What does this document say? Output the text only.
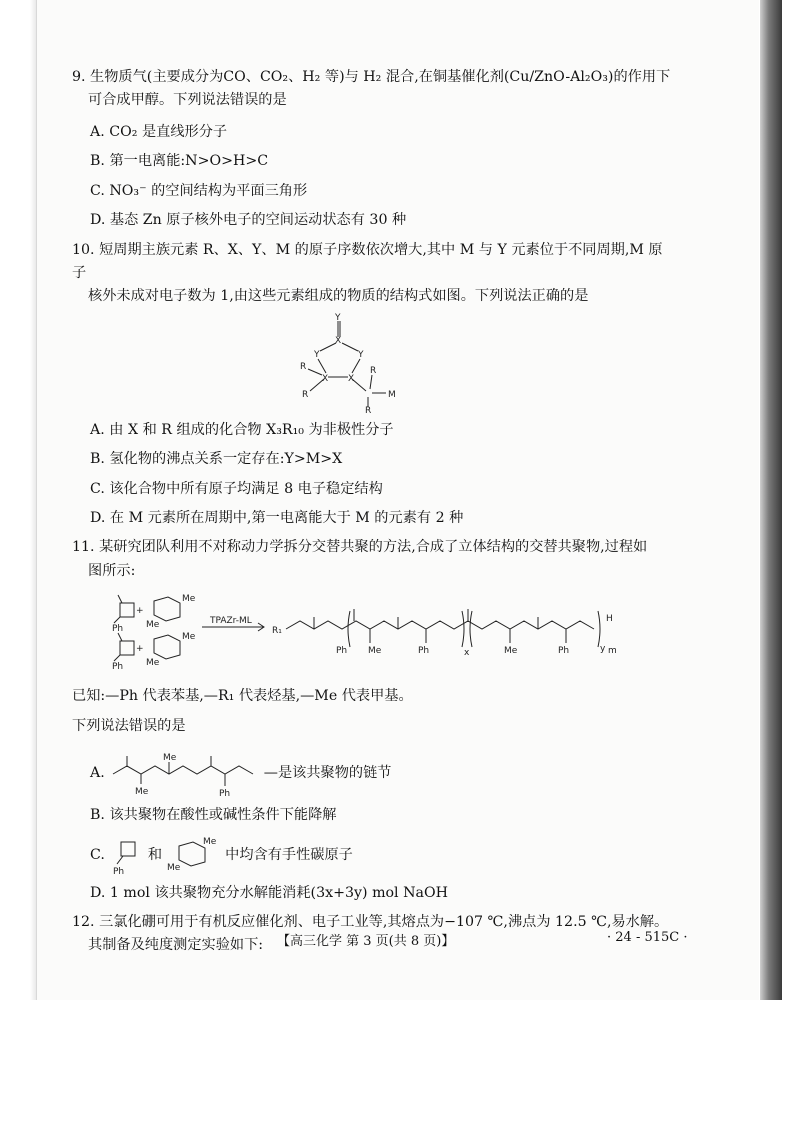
【高三化学 第 3 页(共 8 页)】	· 24 - 515C ·
9. 生物质气(主要成分为CO、CO₂、H₂ 等)与 H₂ 混合,在铜基催化剂(Cu/ZnO-Al₂O₃)的作用下
可合成甲醇。下列说法错误的是
A. CO₂ 是直线形分子
B. 第一电离能:N>O>H>C
C. NO₃⁻ 的空间结构为平面三角形
D. 基态 Zn 原子核外电子的空间运动状态有 30 种
10. 短周期主族元素 R、X、Y、M 的原子序数依次增大,其中 M 与 Y 元素位于不同周期,M 原子
核外未成对电子数为 1,由这些元素组成的物质的结构式如图。下列说法正确的是
Y
Y	Y
X
R
X X
R
R
M
R
A. 由 X 和 R 组成的化合物 X₃R₁₀ 为非极性分子
B. 氢化物的沸点关系一定存在:Y>M>X
C. 该化合物中所有原子均满足 8 电子稳定结构
D. 在 M 元素所在周期中,第一电离能大于 M 的元素有 2 种
11. 某研究团队利用不对称动力学拆分交替共聚的方法,合成了立体结构的交替共聚物,过程如
图所示:
+
+
Ph
Ph
Me
Me
Me
Me
TPAZr-ML
R₁
Ph Me	Ph	x	Me	Ph	y m
H
已知:—Ph 代表苯基,—R₁ 代表烃基,—Me 代表甲基。
下列说法错误的是
A.
Me
Me	Ph
—是该共聚物的链节
B. 该共聚物在酸性或碱性条件下能降解
C.
Ph
和
Me
Me
中均含有手性碳原子
D. 1 mol 该共聚物充分水解能消耗(3x+3y) mol NaOH
12. 三氯化硼可用于有机反应催化剂、电子工业等,其熔点为−107 ℃,沸点为 12.5 ℃,易水解。
其制备及纯度测定实验如下:
